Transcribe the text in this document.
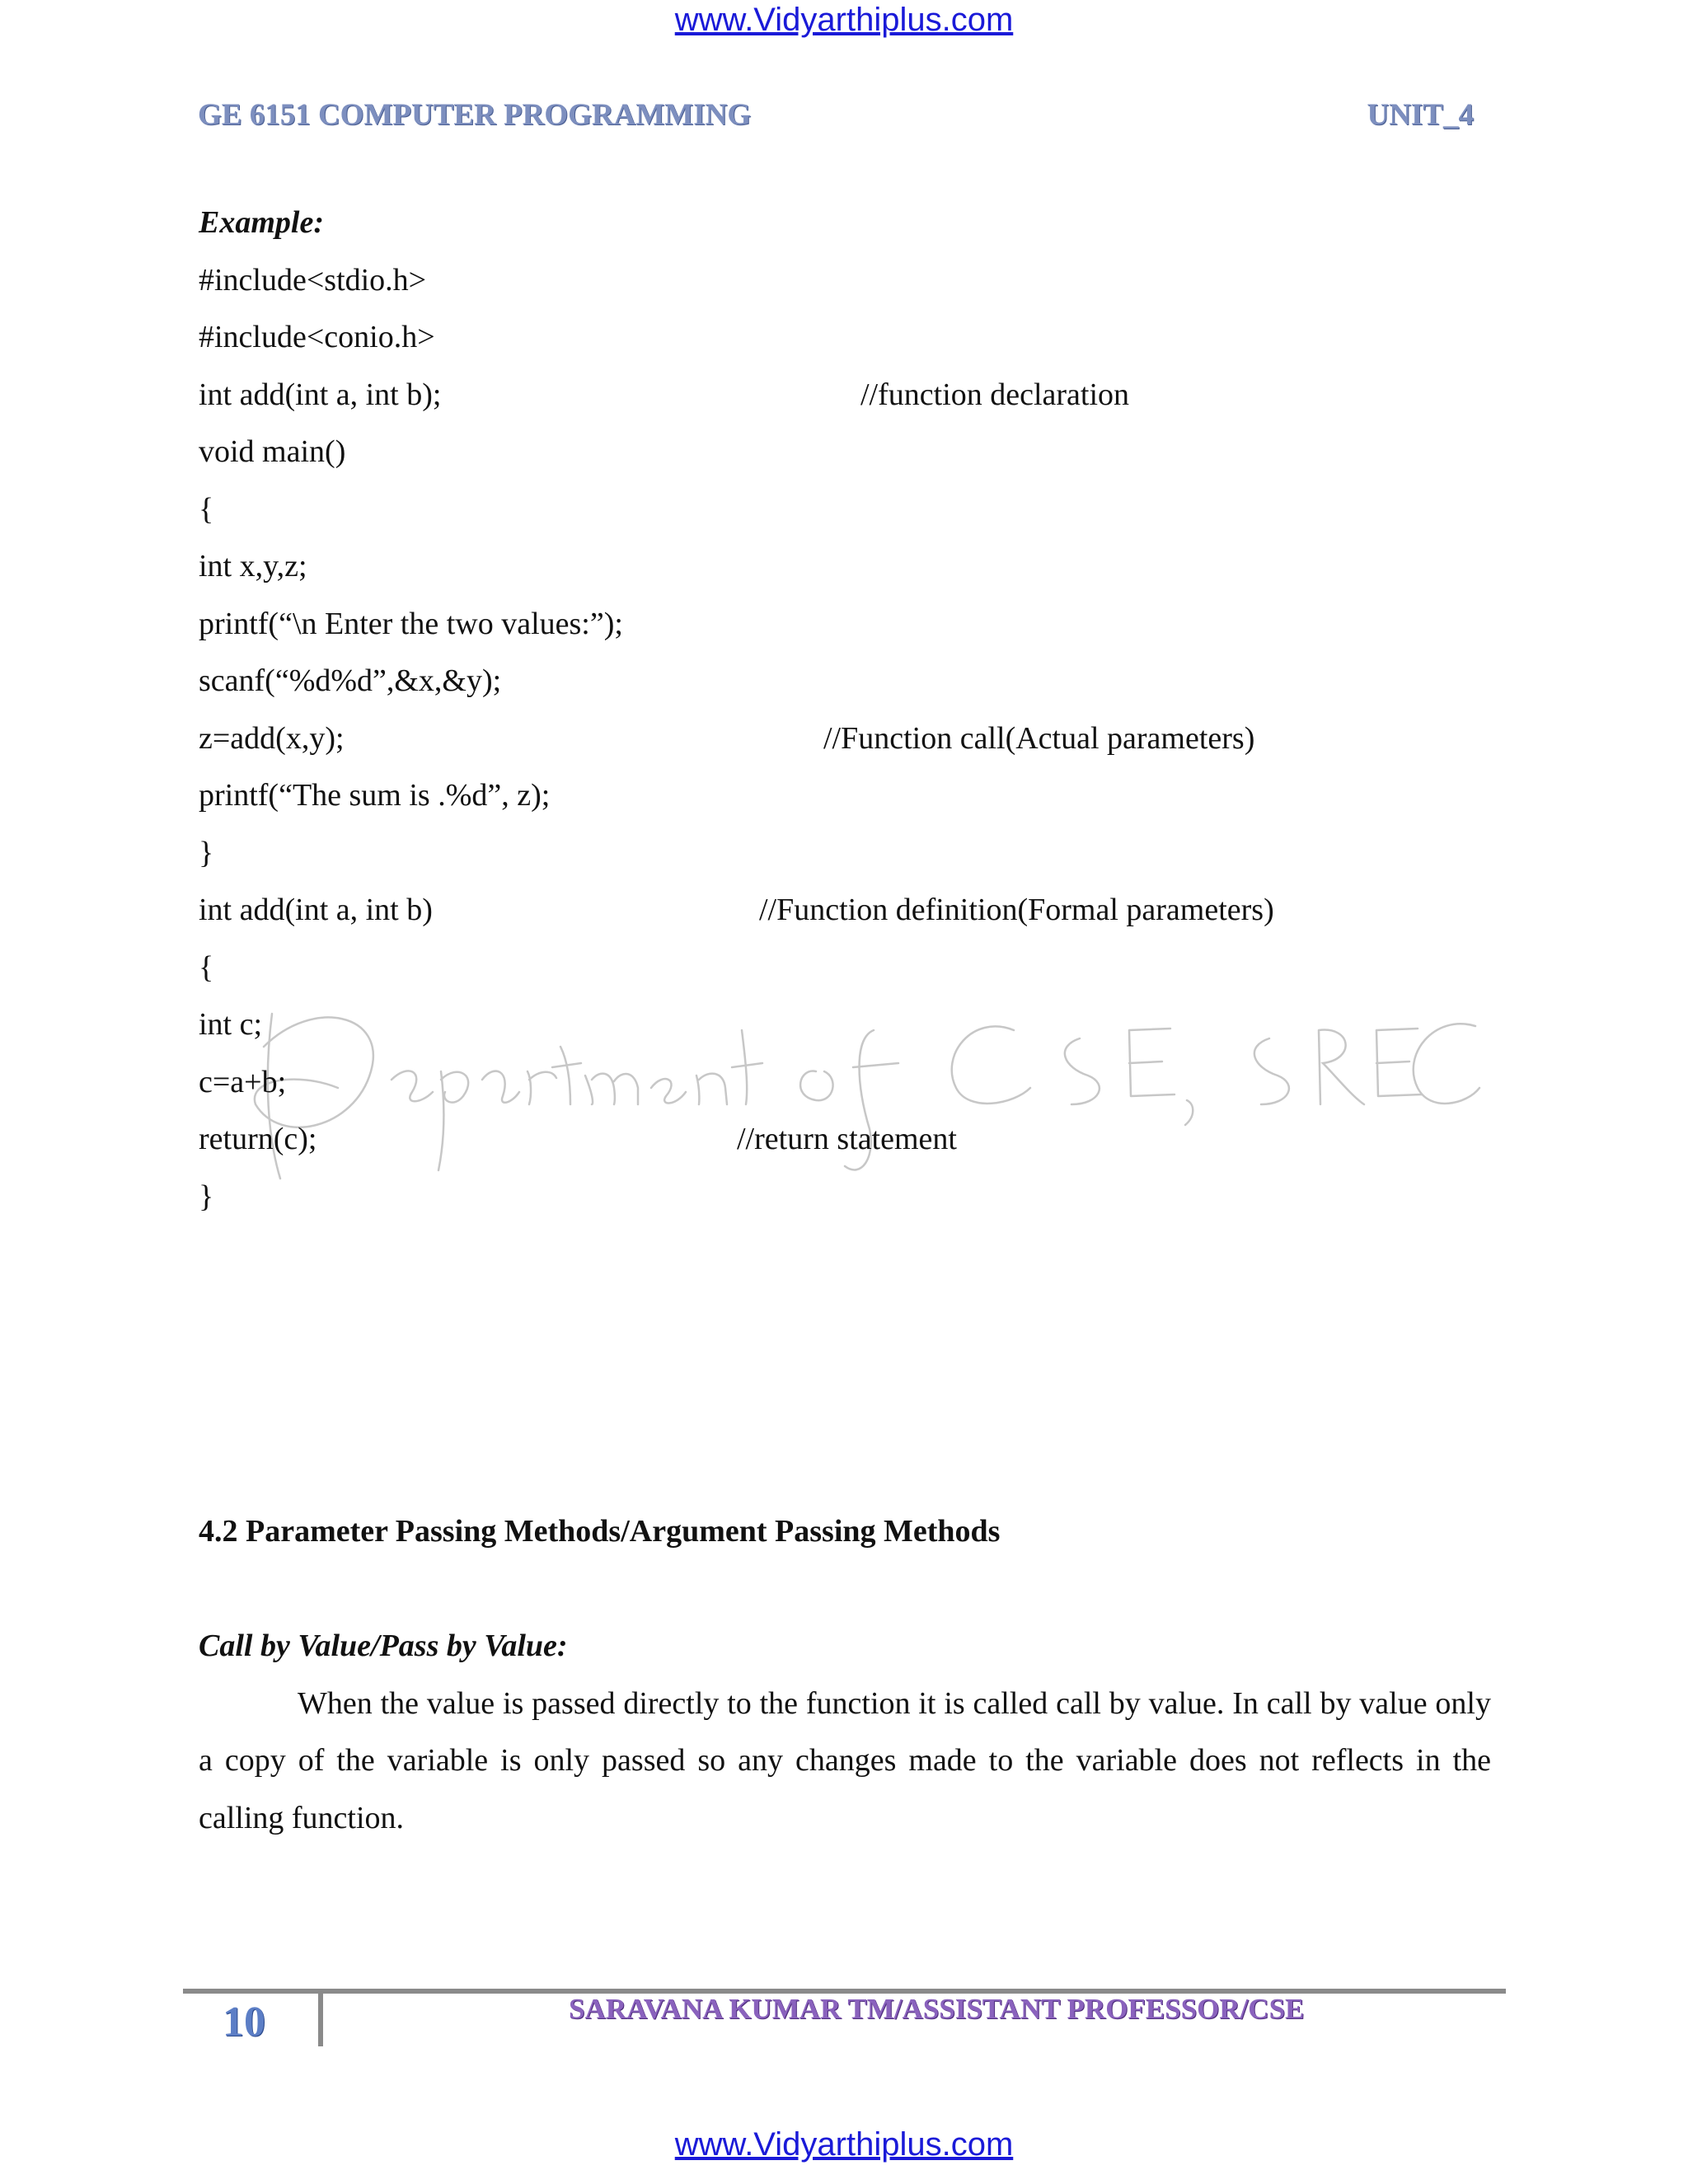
www.Vidyarthiplus.com
GE 6151 COMPUTER PROGRAMMING	UNIT_4

Example:

#include<stdio.h>
#include<conio.h>
int add(int a, int b);	//function declaration
void main()
{
int x,y,z;
printf(“\n Enter the two values:”);
scanf(“%d%d”,&x,&y);
z=add(x,y);	//Function call(Actual parameters)
printf(“The sum is .%d”, z);
}
int add(int a, int b)	//Function definition(Formal parameters)
{
int c;
c=a+b;
return(c);	//return statement
}

4.2 Parameter Passing Methods/Argument Passing Methods

Call by Value/Pass by Value:

When the value is passed directly to the function it is called call by value. In call by value only a copy of the variable is only passed so any changes made to the variable does not reflects in the calling function.

10	SARAVANA KUMAR TM/ASSISTANT PROFESSOR/CSE
www.Vidyarthiplus.com
